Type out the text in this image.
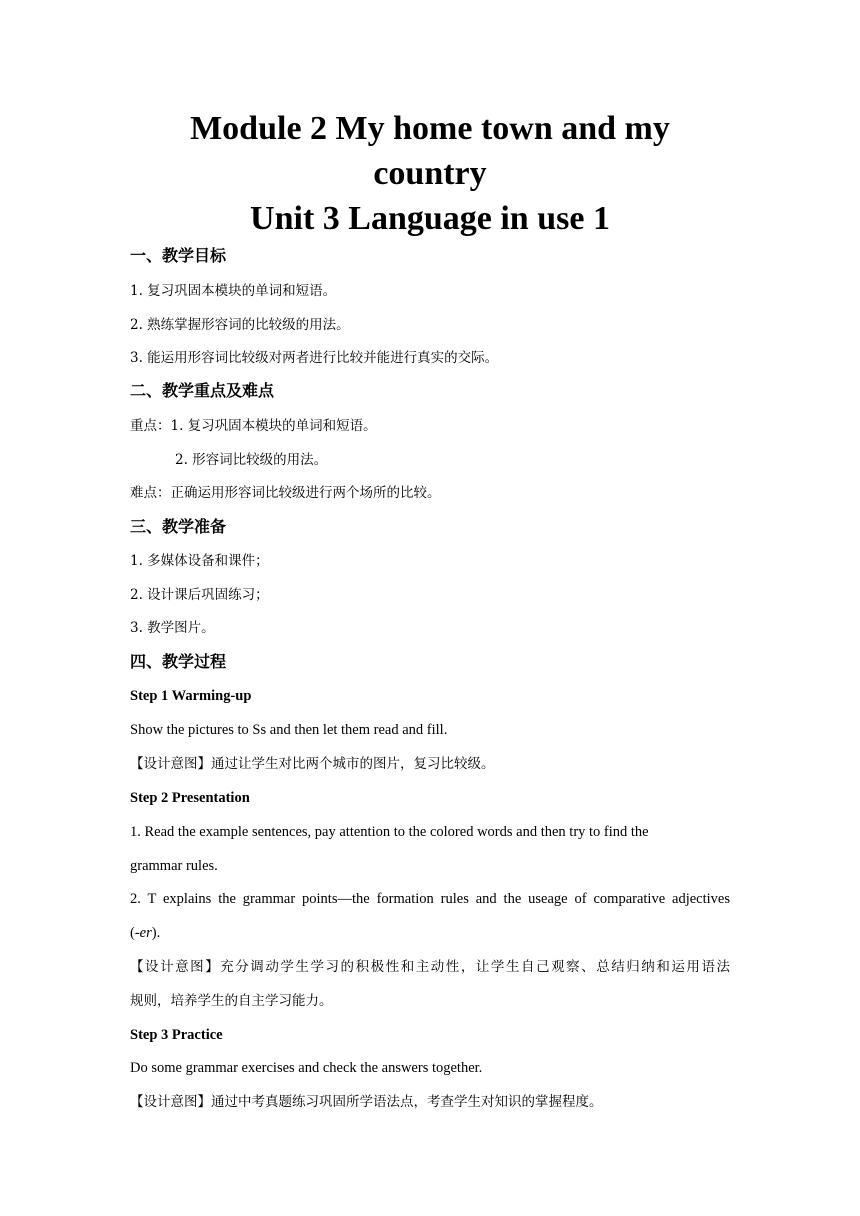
Module 2 My home town and my country
Unit 3 Language in use 1
一、教学目标
1. 复习巩固本模块的单词和短语。
2. 熟练掌握形容词的比较级的用法。
3. 能运用形容词比较级对两者进行比较并能进行真实的交际。
二、教学重点及难点
重点：1. 复习巩固本模块的单词和短语。
2. 形容词比较级的用法。
难点：正确运用形容词比较级进行两个场所的比较。
三、教学准备
1. 多媒体设备和课件；
2. 设计课后巩固练习；
3. 教学图片。
四、教学过程
Step 1 Warming-up
Show the pictures to Ss and then let them read and fill.
【设计意图】通过让学生对比两个城市的图片，复习比较级。
Step 2 Presentation
1. Read the example sentences, pay attention to the colored words and then try to find the
grammar rules.
2. T explains the grammar points—the formation rules and the useage of comparative adjectives
(-er).
【设计意图】充分调动学生学习的积极性和主动性，让学生自己观察、总结归纳和运用语法
规则，培养学生的自主学习能力。
Step 3 Practice
Do some grammar exercises and check the answers together.
【设计意图】通过中考真题练习巩固所学语法点，考查学生对知识的掌握程度。
